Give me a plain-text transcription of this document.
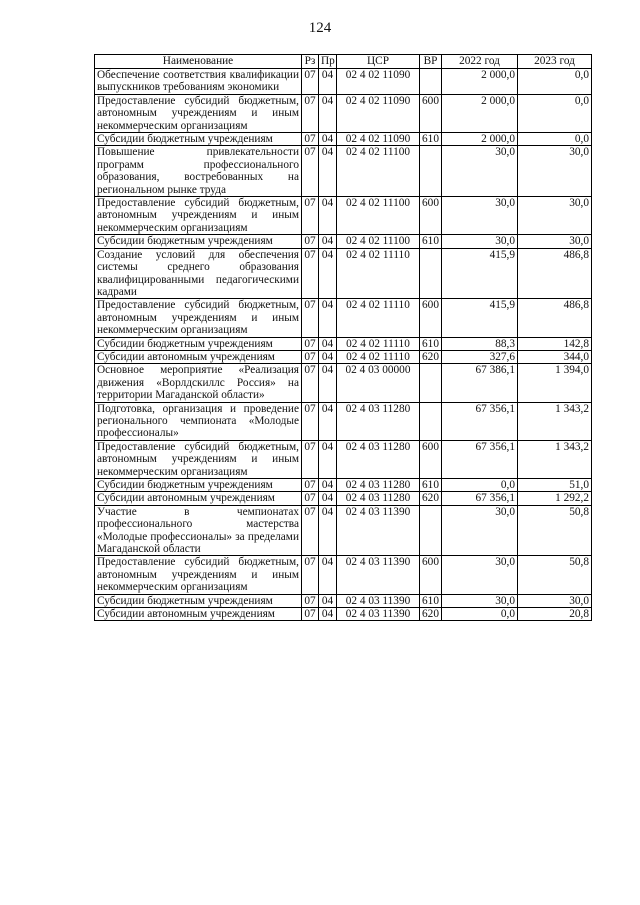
124
Наименование	Рз	Пр	ЦСР	ВР	2022 год	2023 год
Обеспечение соответствия квалификации выпускников требованиям экономики	07	04	02 4 02 11090		2 000,0	0,0
Предоставление субсидий бюджетным, автономным учреждениям и иным некоммерческим организациям	07	04	02 4 02 11090	600	2 000,0	0,0
Субсидии бюджетным учреждениям	07	04	02 4 02 11090	610	2 000,0	0,0
Повышение привлекательности программ профессионального образования, востребованных на региональном рынке труда	07	04	02 4 02 11100		30,0	30,0
Предоставление субсидий бюджетным, автономным учреждениям и иным некоммерческим организациям	07	04	02 4 02 11100	600	30,0	30,0
Субсидии бюджетным учреждениям	07	04	02 4 02 11100	610	30,0	30,0
Создание условий для обеспечения системы среднего образования квалифицированными педагогическими кадрами	07	04	02 4 02 11110		415,9	486,8
Предоставление субсидий бюджетным, автономным учреждениям и иным некоммерческим организациям	07	04	02 4 02 11110	600	415,9	486,8
Субсидии бюджетным учреждениям	07	04	02 4 02 11110	610	88,3	142,8
Субсидии автономным учреждениям	07	04	02 4 02 11110	620	327,6	344,0
Основное мероприятие «Реализация движения «Ворлдскиллс Россия» на территории Магаданской области»	07	04	02 4 03 00000		67 386,1	1 394,0
Подготовка, организация и проведение регионального чемпионата «Молодые профессионалы»	07	04	02 4 03 11280		67 356,1	1 343,2
Предоставление субсидий бюджетным, автономным учреждениям и иным некоммерческим организациям	07	04	02 4 03 11280	600	67 356,1	1 343,2
Субсидии бюджетным учреждениям	07	04	02 4 03 11280	610	0,0	51,0
Субсидии автономным учреждениям	07	04	02 4 03 11280	620	67 356,1	1 292,2
Участие в чемпионатах профессионального мастерства «Молодые профессионалы» за пределами Магаданской области	07	04	02 4 03 11390		30,0	50,8
Предоставление субсидий бюджетным, автономным учреждениям и иным некоммерческим организациям	07	04	02 4 03 11390	600	30,0	50,8
Субсидии бюджетным учреждениям	07	04	02 4 03 11390	610	30,0	30,0
Субсидии автономным учреждениям	07	04	02 4 03 11390	620	0,0	20,8
